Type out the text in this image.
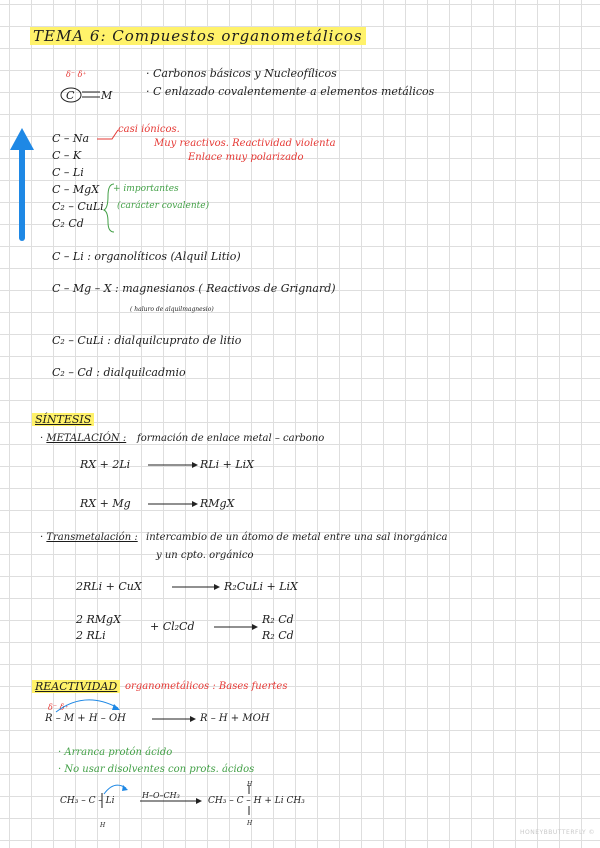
TEMA 6: Compuestos organometálicos
δ⁻ δ⁺
C M
· Carbonos básicos y Nucleofílicos
· C enlazado covalentemente a elementos metálicos
C – Na
C – K
C – Li
C – MgX
C₂ – CuLi
C₂ Cd
casi iónicos.
Muy reactivos. Reactividad violenta
Enlace muy polarizado
+ importantes
(carácter covalente)
C – Li : organolíticos (Alquil Litio)
C – Mg – X : magnesianos ( Reactivos de Grignard)
( haluro de alquilmagnesio)
C₂ – CuLi : dialquilcuprato de litio
C₂ – Cd : dialquilcadmio
SÍNTESIS
· METALACIÓN : formación de enlace metal – carbono
RX + 2Li	RLi + LiX
RX + Mg	RMgX
· Transmetalación : intercambio de un átomo de metal entre una sal inorgánica
y un cpto. orgánico
2RLi + CuX	R₂CuLi + LiX
2 RMgX
2 RLi
+ Cl₂Cd
R₂ Cd
R₂ Cd
REACTIVIDAD organometálicos : Bases fuertes
δ⁻ δ⁺
R – M + H – OH	R – H + MOH
· Arranca protón ácido
· No usar disolventes con prots. ácidos
CH₃ – C – Li
H–O–CH₃
CH₃ – C – H + Li CH₃
H
H
H
HONEYBBUTTERFLY ©
